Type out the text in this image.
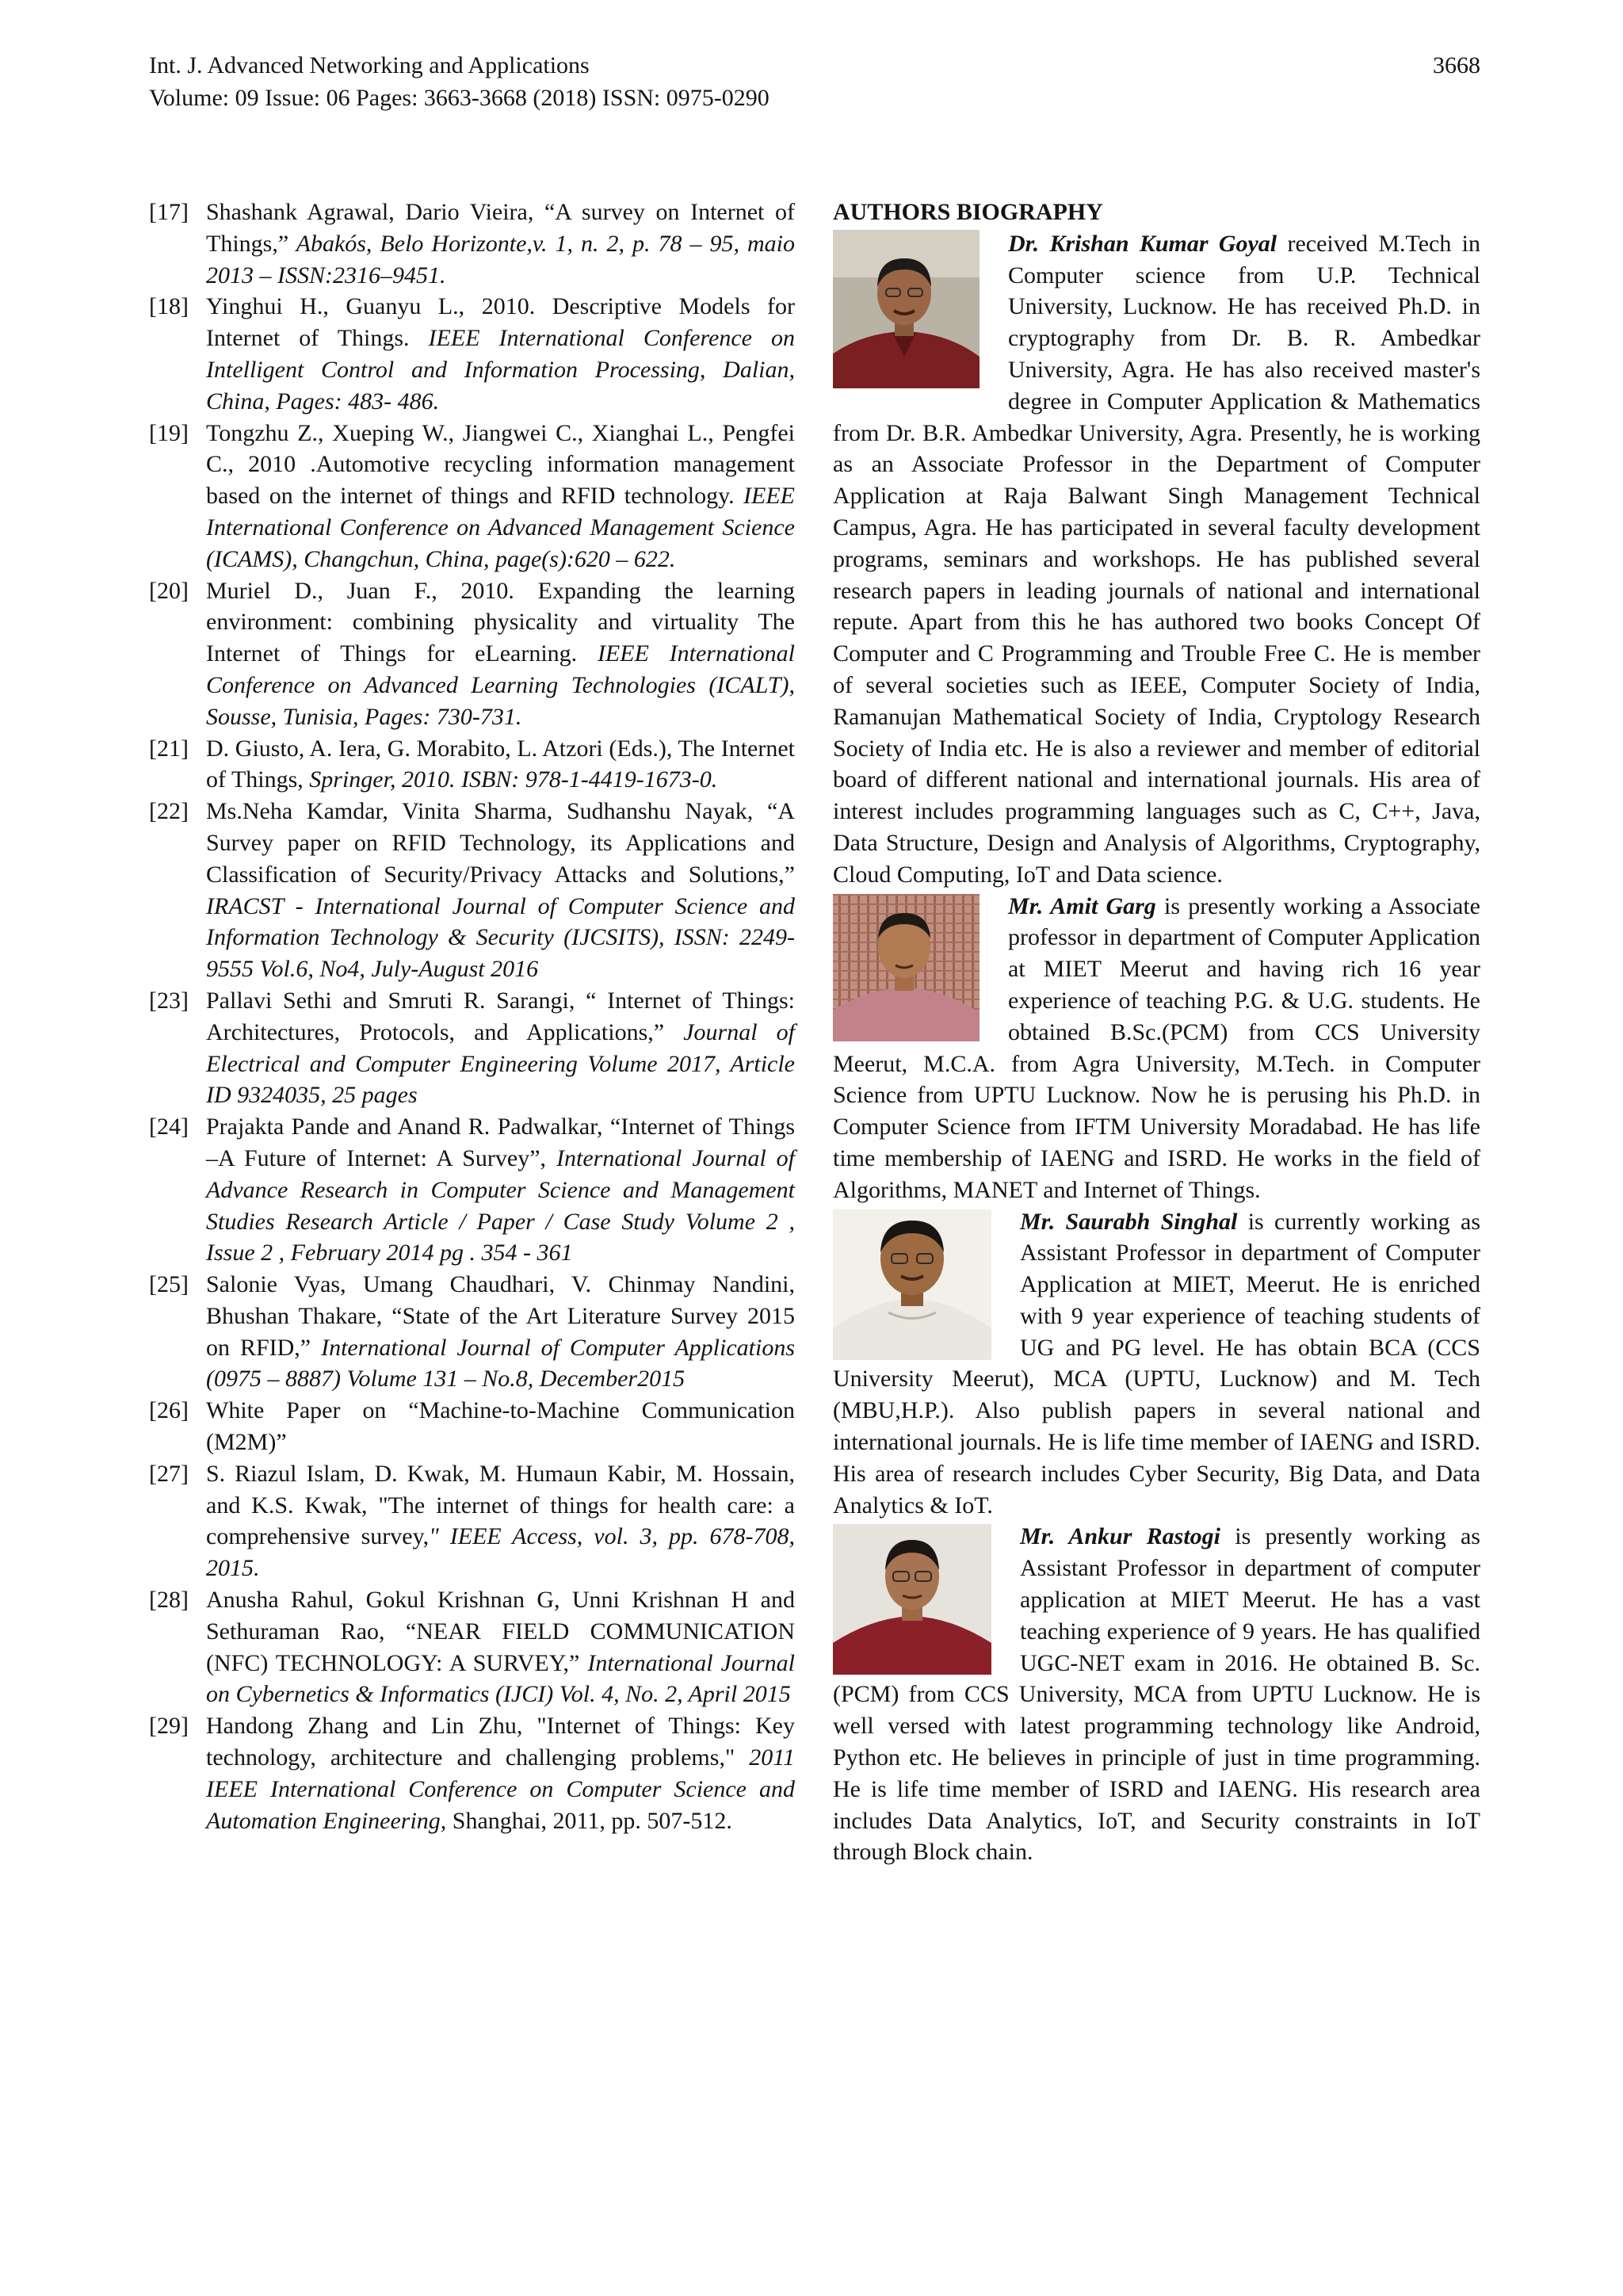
Int. J. Advanced Networking and Applications
Volume: 09 Issue: 06 Pages: 3663-3668 (2018) ISSN: 0975-0290
3668
[17] Shashank Agrawal, Dario Vieira, “A survey on Internet of Things,” Abakós, Belo Horizonte,v. 1, n. 2, p. 78 – 95, maio 2013 – ISSN:2316–9451.
[18] Yinghui H., Guanyu L., 2010. Descriptive Models for Internet of Things. IEEE International Conference on Intelligent Control and Information Processing, Dalian, China, Pages: 483- 486.
[19] Tongzhu Z., Xueping W., Jiangwei C., Xianghai L., Pengfei C., 2010 .Automotive recycling information management based on the internet of things and RFID technology. IEEE International Conference on Advanced Management Science (ICAMS), Changchun, China, page(s):620 – 622.
[20] Muriel D., Juan F., 2010. Expanding the learning environment: combining physicality and virtuality The Internet of Things for eLearning. IEEE International Conference on Advanced Learning Technologies (ICALT), Sousse, Tunisia, Pages: 730-731.
[21] D. Giusto, A. Iera, G. Morabito, L. Atzori (Eds.), The Internet of Things, Springer, 2010. ISBN: 978-1-4419-1673-0.
[22] Ms.Neha Kamdar, Vinita Sharma, Sudhanshu Nayak, “A Survey paper on RFID Technology, its Applications and Classification of Security/Privacy Attacks and Solutions,” IRACST - International Journal of Computer Science and Information Technology & Security (IJCSITS), ISSN: 2249-9555 Vol.6, No4, July-August 2016
[23] Pallavi Sethi and Smruti R. Sarangi, “ Internet of Things: Architectures, Protocols, and Applications,” Journal of Electrical and Computer Engineering Volume 2017, Article ID 9324035, 25 pages
[24] Prajakta Pande and Anand R. Padwalkar, “Internet of Things –A Future of Internet: A Survey”, International Journal of Advance Research in Computer Science and Management Studies Research Article / Paper / Case Study Volume 2 , Issue 2 , February 2014 pg . 354 - 361
[25] Salonie Vyas, Umang Chaudhari, V. Chinmay Nandini, Bhushan Thakare, “State of the Art Literature Survey 2015 on RFID,” International Journal of Computer Applications (0975 – 8887) Volume 131 – No.8, December2015
[26] White Paper on “Machine-to-Machine Communication (M2M)”
[27] S. Riazul Islam, D. Kwak, M. Humaun Kabir, M. Hossain, and K.S. Kwak, "The internet of things for health care: a comprehensive survey," IEEE Access, vol. 3, pp. 678-708, 2015.
[28] Anusha Rahul, Gokul Krishnan G, Unni Krishnan H and Sethuraman Rao, “NEAR FIELD COMMUNICATION (NFC) TECHNOLOGY: A SURVEY,” International Journal on Cybernetics & Informatics (IJCI) Vol. 4, No. 2, April 2015
[29] Handong Zhang and Lin Zhu, "Internet of Things: Key technology, architecture and challenging problems," 2011 IEEE International Conference on Computer Science and Automation Engineering, Shanghai, 2011, pp. 507-512.
AUTHORS BIOGRAPHY
Dr. Krishan Kumar Goyal received M.Tech in Computer science from U.P. Technical University, Lucknow. He has received Ph.D. in cryptography from Dr. B. R. Ambedkar University, Agra. He has also received master's degree in Computer Application & Mathematics from Dr. B.R. Ambedkar University, Agra. Presently, he is working as an Associate Professor in the Department of Computer Application at Raja Balwant Singh Management Technical Campus, Agra. He has participated in several faculty development programs, seminars and workshops. He has published several research papers in leading journals of national and international repute. Apart from this he has authored two books Concept Of Computer and C Programming and Trouble Free C. He is member of several societies such as IEEE, Computer Society of India, Ramanujan Mathematical Society of India, Cryptology Research Society of India etc. He is also a reviewer and member of editorial board of different national and international journals. His area of interest includes programming languages such as C, C++, Java, Data Structure, Design and Analysis of Algorithms, Cryptography, Cloud Computing, IoT and Data science.
Mr. Amit Garg is presently working a Associate professor in department of Computer Application at MIET Meerut and having rich 16 year experience of teaching P.G. & U.G. students. He obtained B.Sc.(PCM) from CCS University Meerut, M.C.A. from Agra University, M.Tech. in Computer Science from UPTU Lucknow. Now he is perusing his Ph.D. in Computer Science from IFTM University Moradabad. He has life time membership of IAENG and ISRD. He works in the field of Algorithms, MANET and Internet of Things.
Mr. Saurabh Singhal is currently working as Assistant Professor in department of Computer Application at MIET, Meerut. He is enriched with 9 year experience of teaching students of UG and PG level. He has obtain BCA (CCS University Meerut), MCA (UPTU, Lucknow) and M. Tech (MBU,H.P.). Also publish papers in several national and international journals. He is life time member of IAENG and ISRD. His area of research includes Cyber Security, Big Data, and Data Analytics & IoT.
Mr. Ankur Rastogi is presently working as Assistant Professor in department of computer application at MIET Meerut. He has a vast teaching experience of 9 years. He has qualified UGC-NET exam in 2016. He obtained B. Sc. (PCM) from CCS University, MCA from UPTU Lucknow. He is well versed with latest programming technology like Android, Python etc. He believes in principle of just in time programming. He is life time member of ISRD and IAENG. His research area includes Data Analytics, IoT, and Security constraints in IoT through Block chain.
